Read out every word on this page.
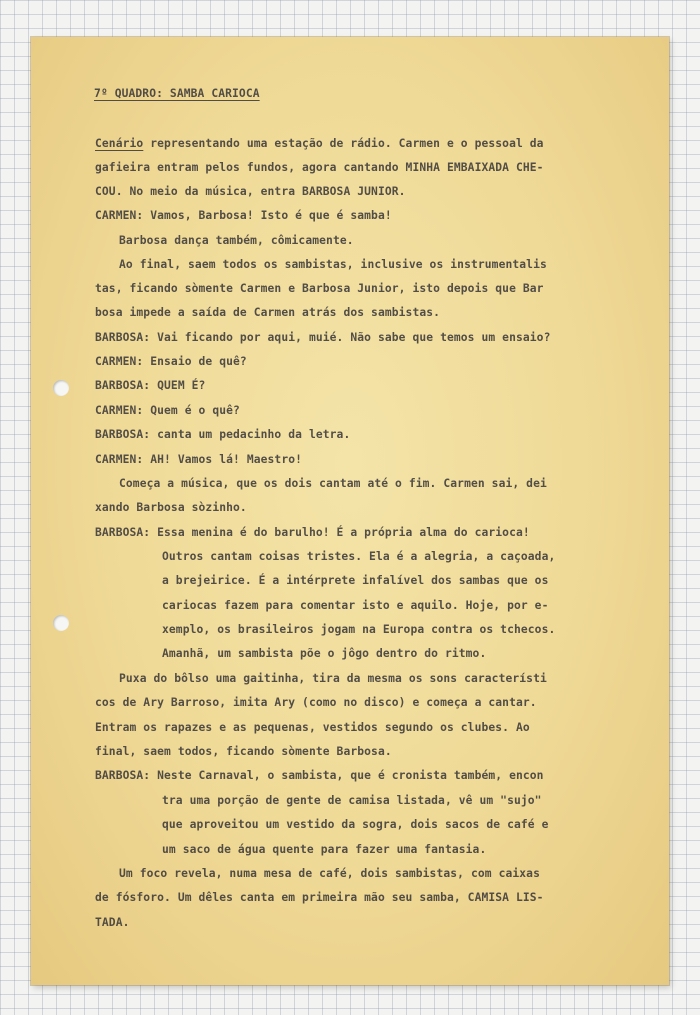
7º QUADRO: SAMBA CARIOCA
Cenário representando uma estação de rádio. Carmen e o pessoal da
gafieira entram pelos fundos, agora cantando MINHA EMBAIXADA CHE-
COU. No meio da música, entra BARBOSA JUNIOR.
CARMEN: Vamos, Barbosa! Isto é que é samba!
Barbosa dança também, cômicamente.
Ao final, saem todos os sambistas, inclusive os instrumentalis
tas, ficando sòmente Carmen e Barbosa Junior, isto depois que Bar
bosa impede a saída de Carmen atrás dos sambistas.
BARBOSA: Vai ficando por aqui, muié. Não sabe que temos um ensaio?
CARMEN: Ensaio de quê?
BARBOSA: QUEM É?
CARMEN: Quem é o quê?
BARBOSA: canta um pedacinho da letra.
CARMEN: AH! Vamos lá! Maestro!
Começa a música, que os dois cantam até o fim. Carmen sai, dei
xando Barbosa sòzinho.
BARBOSA: Essa menina é do barulho! É a própria alma do carioca!
Outros cantam coisas tristes. Ela é a alegria, a caçoada,
a brejeirice. É a intérprete infalível dos sambas que os
cariocas fazem para comentar isto e aquilo. Hoje, por e-
xemplo, os brasileiros jogam na Europa contra os tchecos.
Amanhã, um sambista põe o jôgo dentro do ritmo.
Puxa do bôlso uma gaitinha, tira da mesma os sons característi
cos de Ary Barroso, imita Ary (como no disco) e começa a cantar.
Entram os rapazes e as pequenas, vestidos segundo os clubes. Ao
final, saem todos, ficando sòmente Barbosa.
BARBOSA: Neste Carnaval, o sambista, que é cronista também, encon
tra uma porção de gente de camisa listada, vê um "sujo"
que aproveitou um vestido da sogra, dois sacos de café e
um saco de água quente para fazer uma fantasia.
Um foco revela, numa mesa de café, dois sambistas, com caixas
de fósforo. Um dêles canta em primeira mão seu samba, CAMISA LIS-
TADA.
